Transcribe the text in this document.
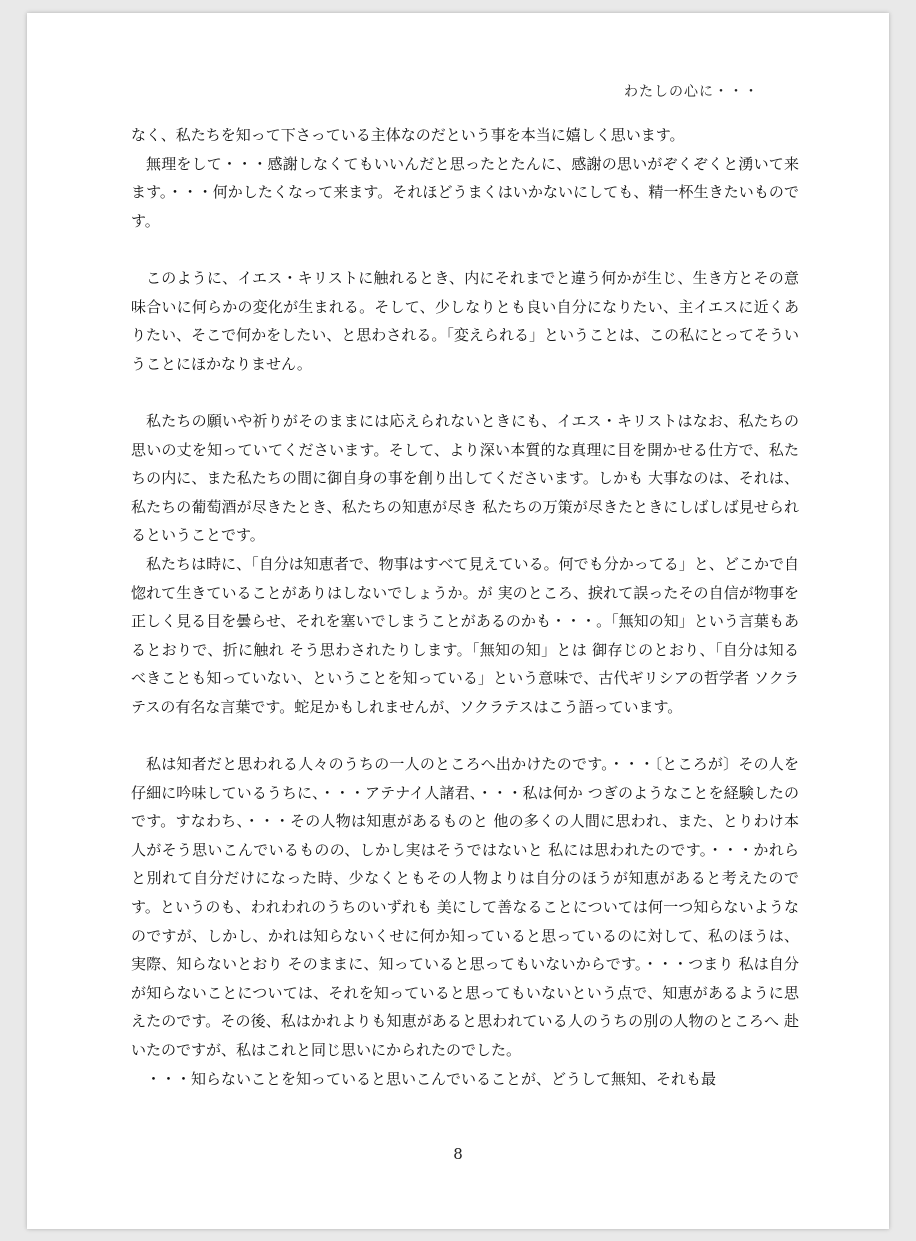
わたしの心に・・・

なく、私たちを知って下さっている主体なのだという事を本当に嬉しく思います。

無理をして・・・感謝しなくてもいいんだと思ったとたんに、感謝の思いがぞくぞくと湧いて来ます。・・・何かしたくなって来ます。それほどうまくはいかないにしても、精一杯生きたいものです。

このように、イエス・キリストに触れるとき、内にそれまでと違う何かが生じ、生き方とその意味合いに何らかの変化が生まれる。そして、少しなりとも良い自分になりたい、主イエスに近くありたい、そこで何かをしたい、と思わされる。「変えられる」ということは、この私にとってそういうことにほかなりません。

私たちの願いや祈りがそのままには応えられないときにも、イエス・キリストはなお、私たちの思いの丈を知っていてくださいます。そして、より深い本質的な真理に目を開かせる仕方で、私たちの内に、また私たちの間に御自身の事を創り出してくださいます。しかも 大事なのは、それは、私たちの葡萄酒が尽きたとき、私たちの知恵が尽き 私たちの万策が尽きたときにしばしば見せられるということです。

私たちは時に、「自分は知恵者で、物事はすべて見えている。何でも分かってる」と、どこかで自惚れて生きていることがありはしないでしょうか。が 実のところ、捩れて誤ったその自信が物事を正しく見る目を曇らせ、それを塞いでしまうことがあるのかも・・・。「無知の知」という言葉もあるとおりで、折に触れ そう思わされたりします。「無知の知」とは 御存じのとおり、「自分は知るべきことも知っていない、ということを知っている」という意味で、古代ギリシアの哲学者 ソクラテスの有名な言葉です。蛇足かもしれませんが、ソクラテスはこう語っています。

私は知者だと思われる人々のうちの一人のところへ出かけたのです。・・・〔ところが〕その人を仔細に吟味しているうちに、・・・アテナイ人諸君、・・・私は何か つぎのようなことを経験したのです。すなわち、・・・その人物は知恵があるものと 他の多くの人間に思われ、また、とりわけ本人がそう思いこんでいるものの、しかし実はそうではないと 私には思われたのです。・・・かれらと別れて自分だけになった時、少なくともその人物よりは自分のほうが知恵があると考えたのです。というのも、われわれのうちのいずれも 美にして善なることについては何一つ知らないようなのですが、しかし、かれは知らないくせに何か知っていると思っているのに対して、私のほうは、実際、知らないとおり そのままに、知っていると思ってもいないからです。・・・つまり 私は自分が知らないことについては、それを知っていると思ってもいないという点で、知恵があるように思えたのです。その後、私はかれよりも知恵があると思われている人のうちの別の人物のところへ 赴 いたのですが、私はこれと同じ思いにかられたのでした。

・・・知らないことを知っていると思いこんでいることが、どうして無知、それも最

8
